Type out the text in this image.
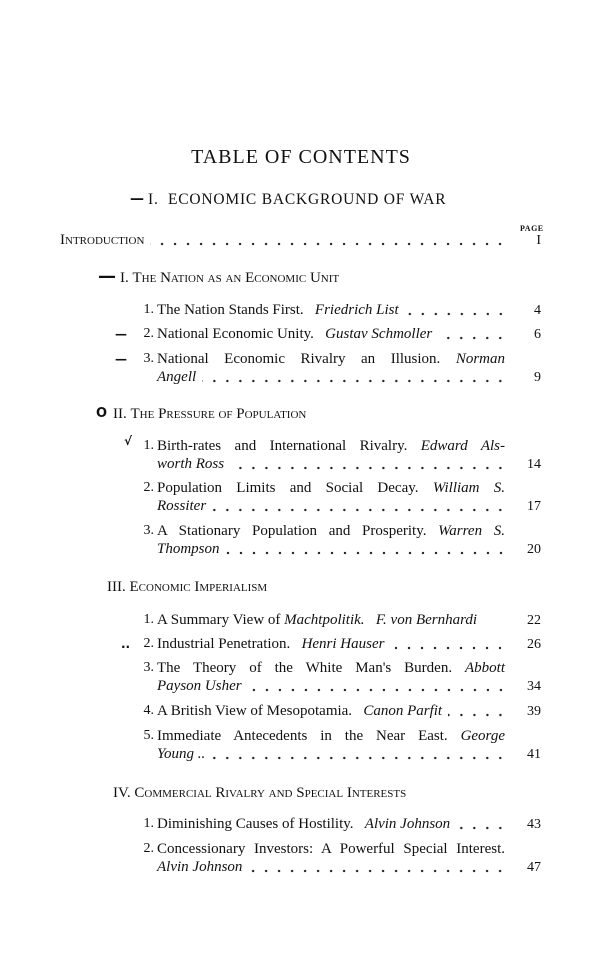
TABLE OF CONTENTS
— I. ECONOMIC BACKGROUND OF WAR
PAGE
Introduction	I
— I. The Nation as an Economic Unit
1. The Nation Stands First.
Friedrich List	4
—	2. National Economic Unity.
Gustav Schmoller	6
—	3. National Economic Rivalry an Illusion. Norman
Angell	9
O II. The Pressure of Population
√ 1. Birth-rates and International Rivalry. Edward Als-
worth Ross	14
2. Population Limits and Social Decay. William S.
Rossiter	17
3. A Stationary Population and Prosperity. Warren S.
Thompson	20
III. Economic Imperialism
1. A Summary View of
Machtpolitik.
F. von Bernhardi	22
.. 2. Industrial Penetration.
Henri Hauser	26
3. The Theory of the White Man's Burden. Abbott
Payson Usher	34
4. A British View of Mesopotamia.
Canon Parfit	39
5. Immediate Antecedents in the Near East. George
Young ..	41
IV. Commercial Rivalry and Special Interests
1. Diminishing Causes of Hostility.
Alvin Johnson	43
2. Concessionary Investors: A Powerful Special Interest.
Alvin Johnson	47
